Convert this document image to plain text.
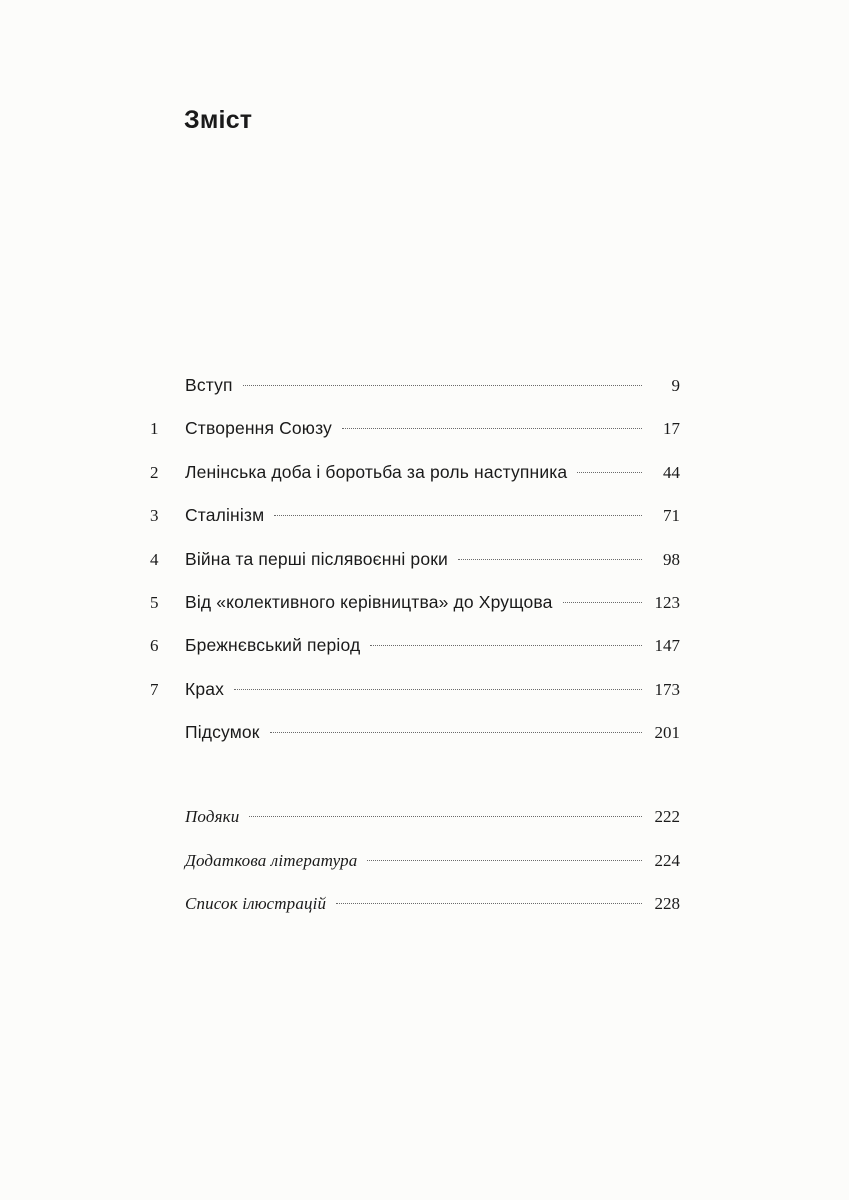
Зміст
Вступ	9
1	Створення Союзу	17
2	Ленінська доба і боротьба за роль наступника	44
3	Сталінізм	71
4	Війна та перші післявоєнні роки	98
5	Від «колективного керівництва» до Хрущова	123
6	Брежнєвський період	147
7	Крах	173
Підсумок	201
Подяки	222
Додаткова література	224
Список ілюстрацій	228
